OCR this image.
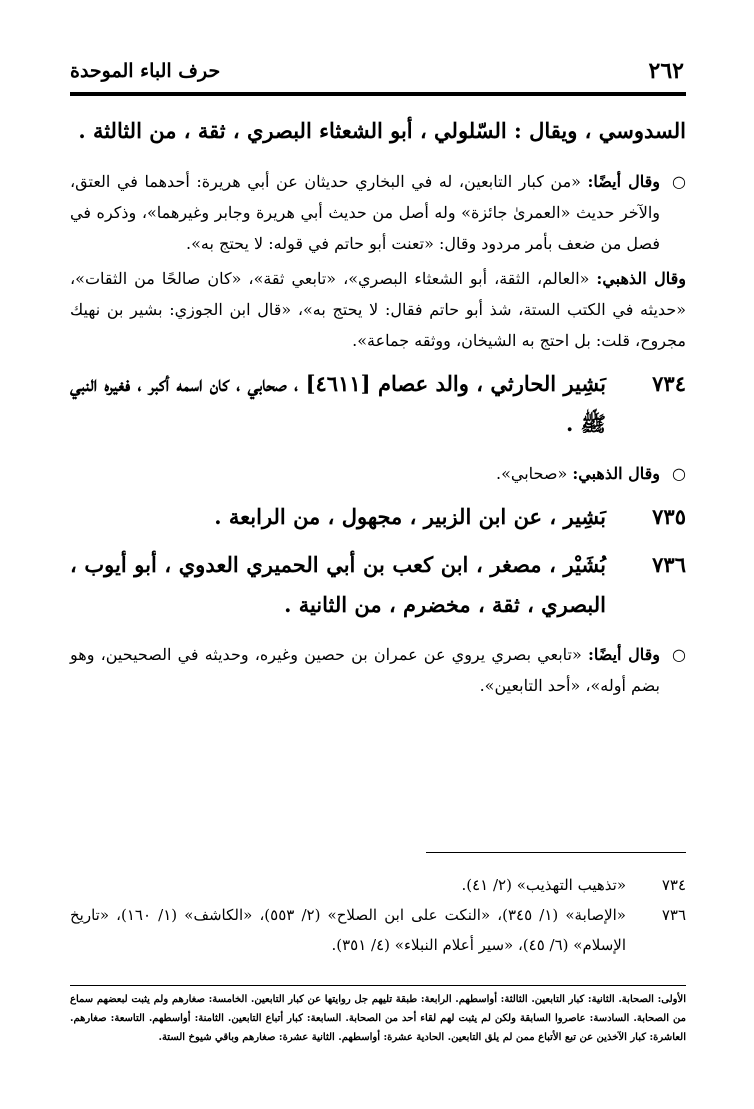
٢٦٢
حرف الباء الموحدة
السدوسي ، ويقال : السّلولي ، أبو الشعثاء البصري ، ثقة ، من الثالثة .
○
وقال أيضًا: «من كبار التابعين، له في البخاري حديثان عن أبي هريرة: أحدهما في العتق، والآخر حديث «العمرىٰ جائزة» وله أصل من حديث أبي هريرة وجابر وغيرهما»، وذكره في فصل من ضعف بأمر مردود وقال: «تعنت أبو حاتم في قوله: لا يحتج به».
وقال الذهبي: «العالم، الثقة، أبو الشعثاء البصري»، «تابعي ثقة»، «كان صالحًا من الثقات»، «حديثه في الكتب الستة، شذ أبو حاتم فقال: لا يحتج به»، «قال ابن الجوزي: بشير بن نهيك مجروح، قلت: بل احتج به الشيخان، ووثقه جماعة».
٧٣٤
بَشِير الحارثي ، والد عصام [٤٦١١] ، صحابي ، كان اسمه أكبر ، فغيره النبي ﷺ .
○
وقال الذهبي: «صحابي».
٧٣٥
بَشِير ، عن ابن الزبير ، مجهول ، من الرابعة .
٧٣٦
بُشَيْر ، مصغر ، ابن كعب بن أبي الحميري العدوي ، أبو أيوب ، البصري ، ثقة ، مخضرم ، من الثانية .
○
وقال أيضًا: «تابعي بصري يروي عن عمران بن حصين وغيره، وحديثه في الصحيحين، وهو بضم أوله»، «أحد التابعين».
٧٣٤
«تذهيب التهذيب» (٢/ ٤١).
٧٣٦
«الإصابة» (١/ ٣٤٥)، «النكت على ابن الصلاح» (٢/ ٥٥٣)، «الكاشف» (١/ ١٦٠)، «تاريخ الإسلام» (٦/ ٤٥)، «سير أعلام النبلاء» (٤/ ٣٥١).
الأولى: الصحابة. الثانية: كبار التابعين. الثالثة: أواسطهم. الرابعة: طبقة تليهم جل روايتها عن كبار التابعين. الخامسة: صغارهم ولم يثبت لبعضهم سماع من الصحابة. السادسة: عاصروا السابقة ولكن لم يثبت لهم لقاء أحد من الصحابة. السابعة: كبار أتباع التابعين. الثامنة: أواسطهم. التاسعة: صغارهم. العاشرة: كبار الآخذين عن تبع الأتباع ممن لم يلق التابعين. الحادية عشرة: أواسطهم. الثانية عشرة: صغارهم وباقي شيوخ الستة.
